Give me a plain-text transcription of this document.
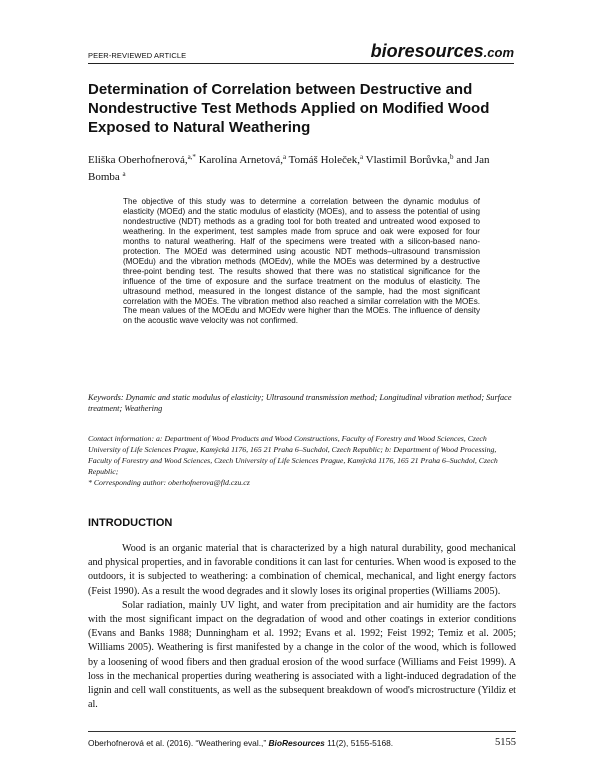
PEER-REVIEWED ARTICLE	bioresources.com
Determination of Correlation between Destructive and Nondestructive Test Methods Applied on Modified Wood Exposed to Natural Weathering
Eliška Oberhofnerová,$^{a,*}$ Karolína Arnetová,$^a$ Tomáš Holeček,$^a$ Vlastimil Borůvka,$^b$ and Jan Bomba $^a$
The objective of this study was to determine a correlation between the dynamic modulus of elasticity (MOEd) and the static modulus of elasticity (MOEs), and to assess the potential of using nondestructive (NDT) methods as a grading tool for both treated and untreated wood exposed to weathering. In the experiment, test samples made from spruce and oak were exposed for four months to natural weathering. Half of the specimens were treated with a silicon-based nano-protection. The MOEd was determined using acoustic NDT methods–ultrasound transmission (MOEdu) and the vibration methods (MOEdv), while the MOEs was determined by a destructive three-point bending test. The results showed that there was no statistical significance for the influence of the time of exposure and the surface treatment on the modulus of elasticity. The ultrasound method, measured in the longest distance of the sample, had the most significant correlation with the MOEs. The vibration method also reached a similar correlation with the MOEs. The mean values of the MOEdu and MOEdv were higher than the MOEs. The influence of density on the acoustic wave velocity was not confirmed.
Keywords: Dynamic and static modulus of elasticity; Ultrasound transmission method; Longitudinal vibration method; Surface treatment; Weathering
Contact information: a: Department of Wood Products and Wood Constructions, Faculty of Forestry and Wood Sciences, Czech University of Life Sciences Prague, Kamýcká 1176, 165 21 Praha 6–Suchdol, Czech Republic; b: Department of Wood Processing, Faculty of Forestry and Wood Sciences, Czech University of Life Sciences Prague, Kamýcká 1176, 165 21 Praha 6–Suchdol, Czech Republic;
* Corresponding author: oberhofnerova@fld.czu.cz
INTRODUCTION

Wood is an organic material that is characterized by a high natural durability, good mechanical and physical properties, and in favorable conditions it can last for centuries. When wood is exposed to the outdoors, it is subjected to weathering: a combination of chemical, mechanical, and light energy factors (Feist 1990). As a result the wood degrades and it slowly loses its original properties (Williams 2005).

Solar radiation, mainly UV light, and water from precipitation and air humidity are the factors with the most significant impact on the degradation of wood and other coatings in exterior conditions (Evans and Banks 1988; Dunningham et al. 1992; Evans et al. 1992; Feist 1992; Temiz et al. 2005; Williams 2005). Weathering is first manifested by a change in the color of the wood, which is followed by a loosening of wood fibers and then gradual erosion of the wood surface (Williams and Feist 1999). A loss in the mechanical properties during weathering is associated with a light-induced degradation of the lignin and cell wall constituents, as well as the subsequent breakdown of wood's microstructure (Yildiz et al.

Oberhofnerová et al. (2016). “Weathering eval.,” BioResources 11(2), 5155-5168.	5155
